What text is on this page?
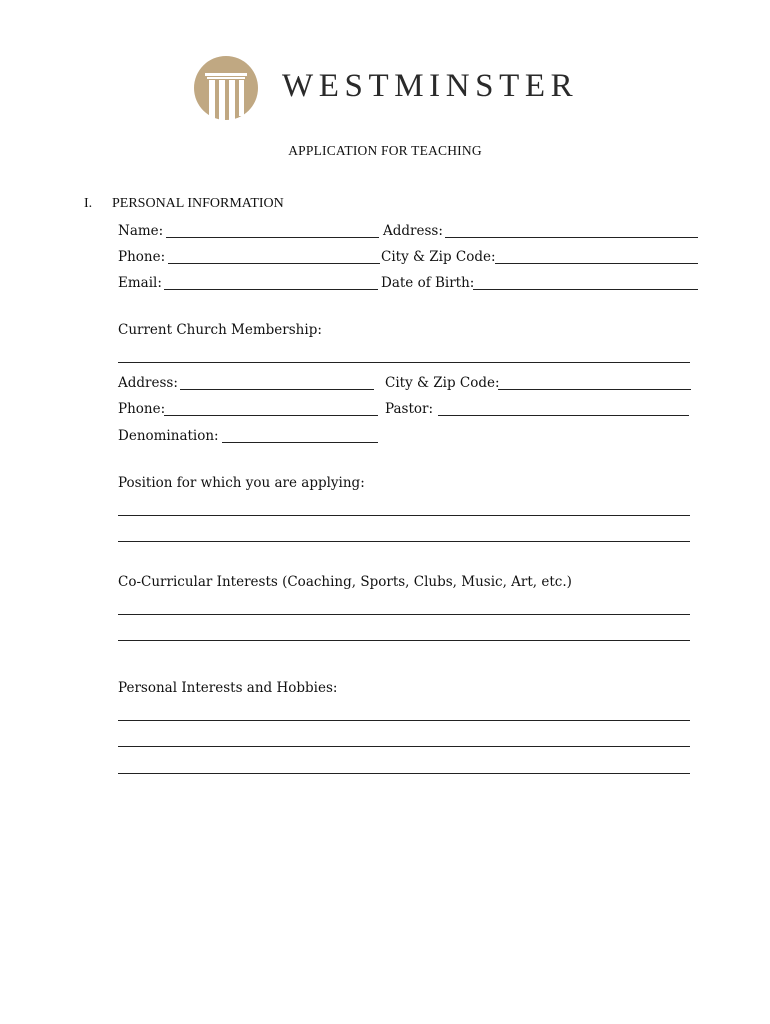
WESTMINSTER
APPLICATION FOR TEACHING
I. PERSONAL INFORMATION
Name:	Address:
Phone:	City & Zip Code:
Email:	Date of Birth:
Current Church Membership:
Address:	City & Zip Code:
Phone:	Pastor:
Denomination:
Position for which you are applying:
Co-Curricular Interests (Coaching, Sports, Clubs, Music, Art, etc.)
Personal Interests and Hobbies:
